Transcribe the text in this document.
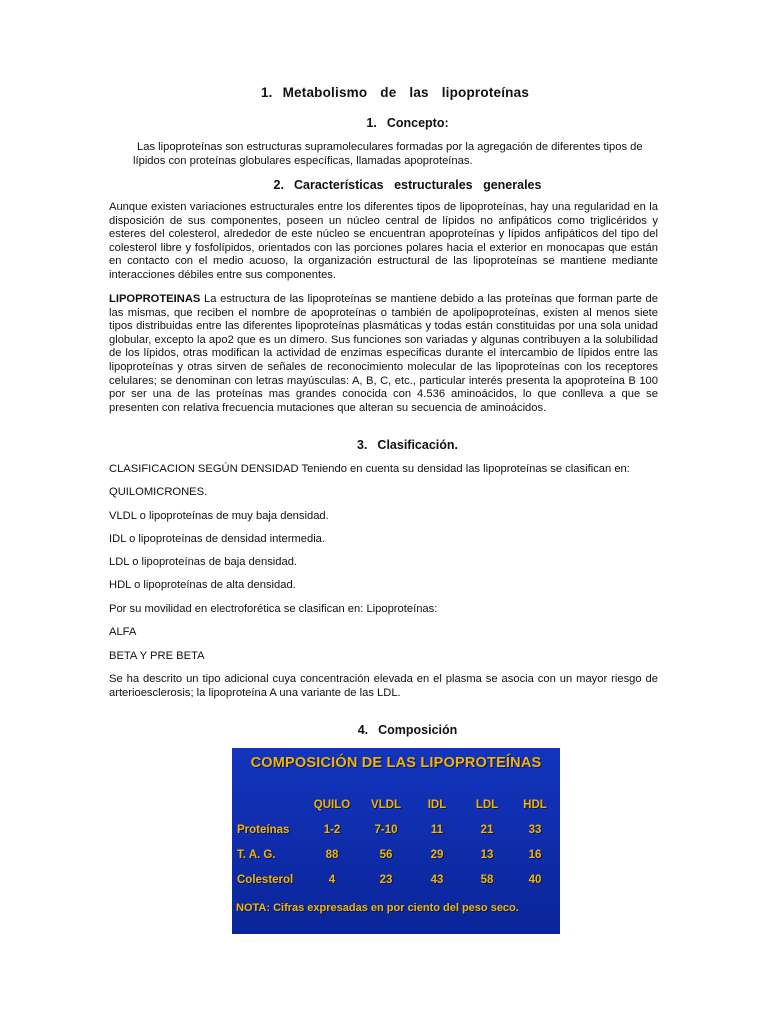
1. Metabolismo de las lipoproteínas
1. Concepto:

Las lipoproteínas son estructuras supramoleculares formadas por la agregación de diferentes tipos de lípidos con proteínas globulares específicas, llamadas apoproteínas.

2. Características estructurales generales

Aunque existen variaciones estructurales entre los diferentes tipos de lipoproteínas, hay una regularidad en la disposición de sus componentes, poseen un núcleo central de lípidos no anfipáticos como triglicéridos y esteres del colesterol, alrededor de este núcleo se encuentran apoproteínas y lípidos anfipáticos del tipo del colesterol libre y fosfolípidos, orientados con las porciones polares hacia el exterior en monocapas que están en contacto con el medio acuoso, la organización estructural de las lipoproteínas se mantiene mediante interacciones débiles entre sus componentes.

LIPOPROTEINAS La estructura de las lipoproteínas se mantiene debido a las proteínas que forman parte de las mismas, que reciben el nombre de apoproteínas o también de apolipoproteínas, existen al menos siete tipos distribuidas entre las diferentes lipoproteínas plasmáticas y todas están constituidas por una sola unidad globular, excepto la apo2 que es un dímero. Sus funciones son variadas y algunas contribuyen a la solubilidad de los lípidos, otras modifican la actividad de enzimas especificas durante el intercambio de lípidos entre las lipoproteínas y otras sirven de señales de reconocimiento molecular de las lipoproteínas con los receptores celulares; se denominan con letras mayúsculas: A, B, C, etc., particular interés presenta la apoproteína B 100 por ser una de las proteínas mas grandes conocida con 4.536 aminoácidos, lo que conlleva a que se presenten con relativa frecuencia mutaciones que alteran su secuencia de aminoácidos.

3. Clasificación.

CLASIFICACION SEGÚN DENSIDAD Teniendo en cuenta su densidad las lipoproteínas se clasifican en:

QUILOMICRONES.

VLDL o lipoproteínas de muy baja densidad.

IDL o lipoproteínas de densidad intermedia.

LDL o lipoproteínas de baja densidad.

HDL o lipoproteínas de alta densidad.

Por su movilidad en electroforética se clasifican en: Lipoproteínas:

ALFA

BETA Y PRE BETA

Se ha descrito un tipo adicional cuya concentración elevada en el plasma se asocia con un mayor riesgo de arterioesclerosis; la lipoproteína A una variante de las LDL.

4. Composición
COMPOSICIÓN DE LAS LIPOPROTEÍNAS
	QUILO	VLDL	IDL	LDL	HDL
Proteínas	1-2	7-10	11	21	33
T. A. G.	88	56	29	13	16
Colesterol	4	23	43	58	40
NOTA: Cifras expresadas en por ciento del peso seco.
